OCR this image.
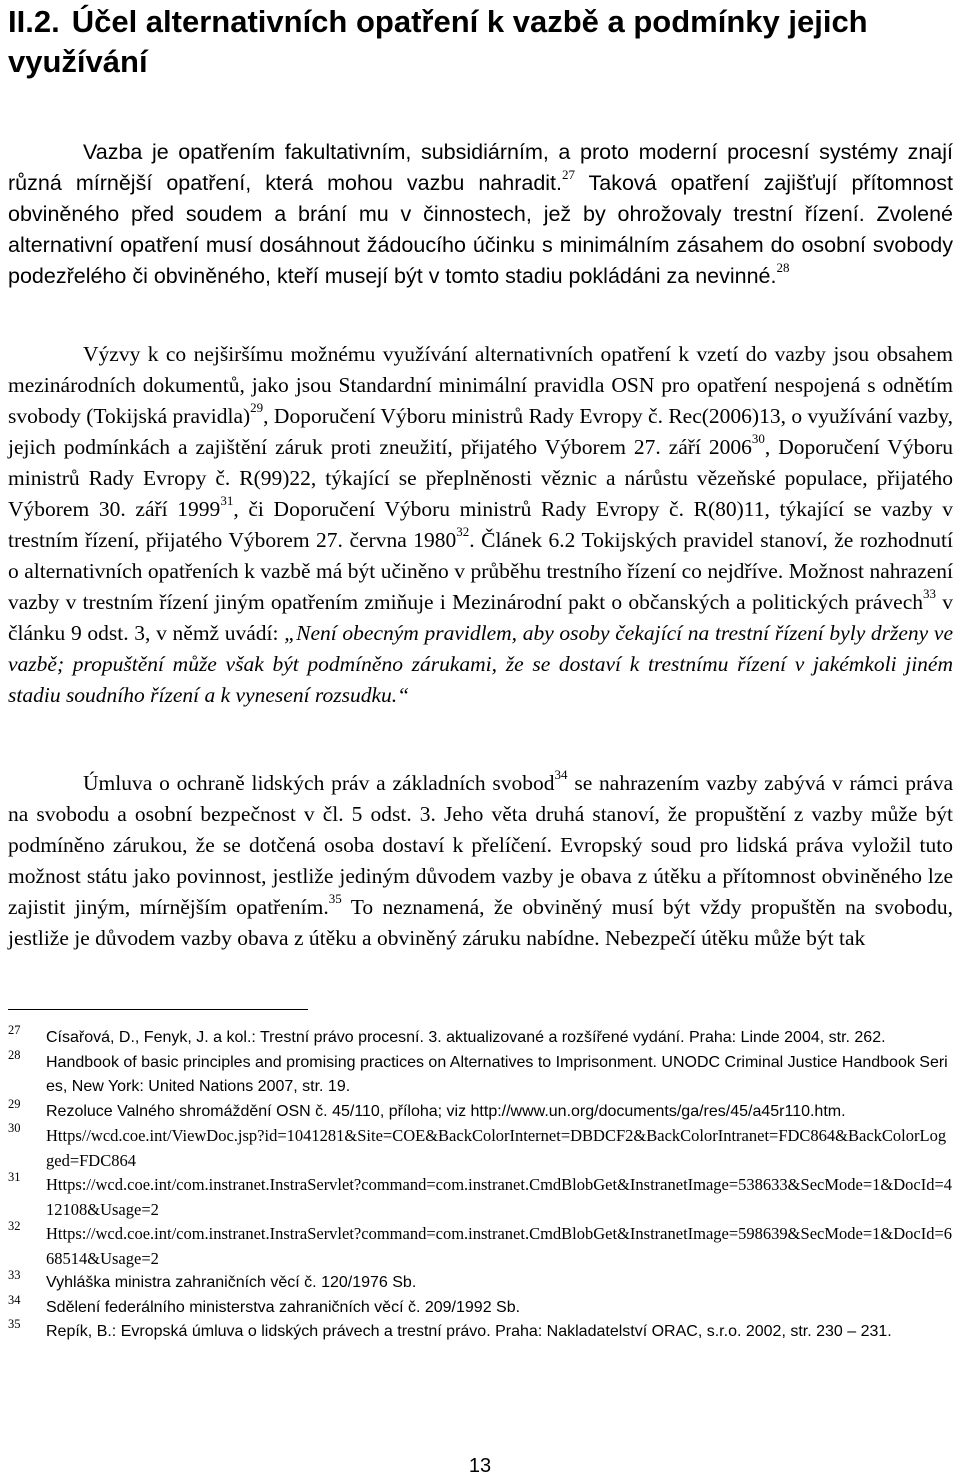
II.2. Účel alternativních opatření k vazbě a podmínky jejich využívání

Vazba je opatřením fakultativním, subsidiárním, a proto moderní procesní systémy znají různá mírnější opatření, která mohou vazbu nahradit.$^{27}$ Taková opatření zajišťují přítomnost obviněného před soudem a brání mu v činnostech, jež by ohrožovaly trestní řízení. Zvolené alternativní opatření musí dosáhnout žádoucího účinku s minimálním zásahem do osobní svobody podezřelého či obviněného, kteří musejí být v tomto stadiu pokládáni za nevinné.$^{28}$

Výzvy k co nejširšímu možnému využívání alternativních opatření k vzetí do vazby jsou obsahem mezinárodních dokumentů, jako jsou Standardní minimální pravidla OSN pro opatření nespojená s odnětím svobody (Tokijská pravidla)$^{29}$, Doporučení Výboru ministrů Rady Evropy č. Rec(2006)13, o využívání vazby, jejich podmínkách a zajištění záruk proti zneužití, přijatého Výborem 27. září 2006$^{30}$, Doporučení Výboru ministrů Rady Evropy č. R(99)22, týkající se přeplněnosti věznic a nárůstu vězeňské populace, přijatého Výborem 30. září 1999$^{31}$, či Doporučení Výboru ministrů Rady Evropy č. R(80)11, týkající se vazby v trestním řízení, přijatého Výborem 27. června 1980$^{32}$. Článek 6.2 Tokijských pravidel stanoví, že rozhodnutí o alternativních opatřeních k vazbě má být učiněno v průběhu trestního řízení co nejdříve. Možnost nahrazení vazby v trestním řízení jiným opatřením zmiňuje i Mezinárodní pakt o občanských a politických právech$^{33}$ v článku 9 odst. 3, v němž uvádí: „Není obecným pravidlem, aby osoby čekající na trestní řízení byly drženy ve vazbě; propuštění může však být podmíněno zárukami, že se dostaví k trestnímu řízení v jakémkoli jiném stadiu soudního řízení a k vynesení rozsudku.“

Úmluva o ochraně lidských práv a základních svobod$^{34}$ se nahrazením vazby zabývá v rámci práva na svobodu a osobní bezpečnost v čl. 5 odst. 3. Jeho věta druhá stanoví, že propuštění z vazby může být podmíněno zárukou, že se dotčená osoba dostaví k přelíčení. Evropský soud pro lidská práva vyložil tuto možnost státu jako povinnost, jestliže jediným důvodem vazby je obava z útěku a přítomnost obviněného lze zajistit jiným, mírnějším opatřením.$^{35}$ To neznamená, že obviněný musí být vždy propuštěn na svobodu, jestliže je důvodem vazby obava z útěku a obviněný záruku nabídne. Nebezpečí útěku může být tak

27 Císařová, D., Fenyk, J. a kol.: Trestní právo procesní. 3. aktualizované a rozšířené vydání. Praha: Linde 2004, str. 262.

28 Handbook of basic principles and promising practices on Alternatives to Imprisonment. UNODC Criminal Justice Handbook Series, New York: United Nations 2007, str. 19.

29 Rezoluce Valného shromáždění OSN č. 45/110, příloha; viz http://www.un.org/documents/ga/res/45/a45r110.htm.

30 Https//wcd.coe.int/ViewDoc.jsp?id=1041281&Site=COE&BackColorInternet=DBDCF2&BackColorIntranet=FDC864&BackColorLogged=FDC864

31 Https://wcd.coe.int/com.instranet.InstraServlet?command=com.instranet.CmdBlobGet&InstranetImage=538633&SecMode=1&DocId=412108&Usage=2

32 Https://wcd.coe.int/com.instranet.InstraServlet?command=com.instranet.CmdBlobGet&InstranetImage=598639&SecMode=1&DocId=668514&Usage=2

33 Vyhláška ministra zahraničních věcí č. 120/1976 Sb.

34 Sdělení federálního ministerstva zahraničních věcí č. 209/1992 Sb.

35 Repík, B.: Evropská úmluva o lidských právech a trestní právo. Praha: Nakladatelství ORAC, s.r.o. 2002, str. 230 – 231.

13
